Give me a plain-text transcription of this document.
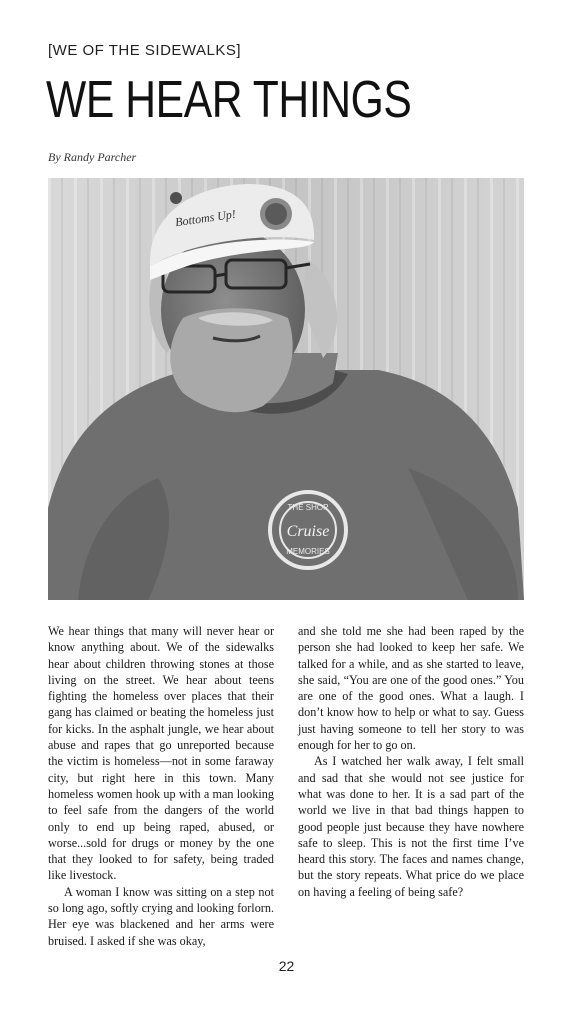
[WE OF THE SIDEWALKS]
WE HEAR THINGS
By Randy Parcher
THE SHOP
Cruise
MEMORIES
Bottoms Up!

We hear things that many will never hear or know anything about. We of the sidewalks hear about children throwing stones at those living on the street. We hear about teens fighting the homeless over places that their gang has claimed or beating the homeless just for kicks. In the asphalt jungle, we hear about abuse and rapes that go unreported because the victim is homeless—not in some faraway city, but right here in this town. Many homeless women hook up with a man looking to feel safe from the dangers of the world only to end up being raped, abused, or worse...sold for drugs or money by the one that they looked to for safety, being traded like livestock.

A woman I know was sitting on a step not so long ago, softly crying and looking forlorn. Her eye was blackened and her arms were bruised. I asked if she was okay,

and she told me she had been raped by the person she had looked to keep her safe. We talked for a while, and as she started to leave, she said, “You are one of the good ones.” You are one of the good ones. What a laugh. I don’t know how to help or what to say. Guess just having someone to tell her story to was enough for her to go on.

As I watched her walk away, I felt small and sad that she would not see justice for what was done to her. It is a sad part of the world we live in that bad things happen to good people just because they have nowhere safe to sleep. This is not the first time I’ve heard this story. The faces and names change, but the story repeats. What price do we place on having a feeling of being safe?

22
